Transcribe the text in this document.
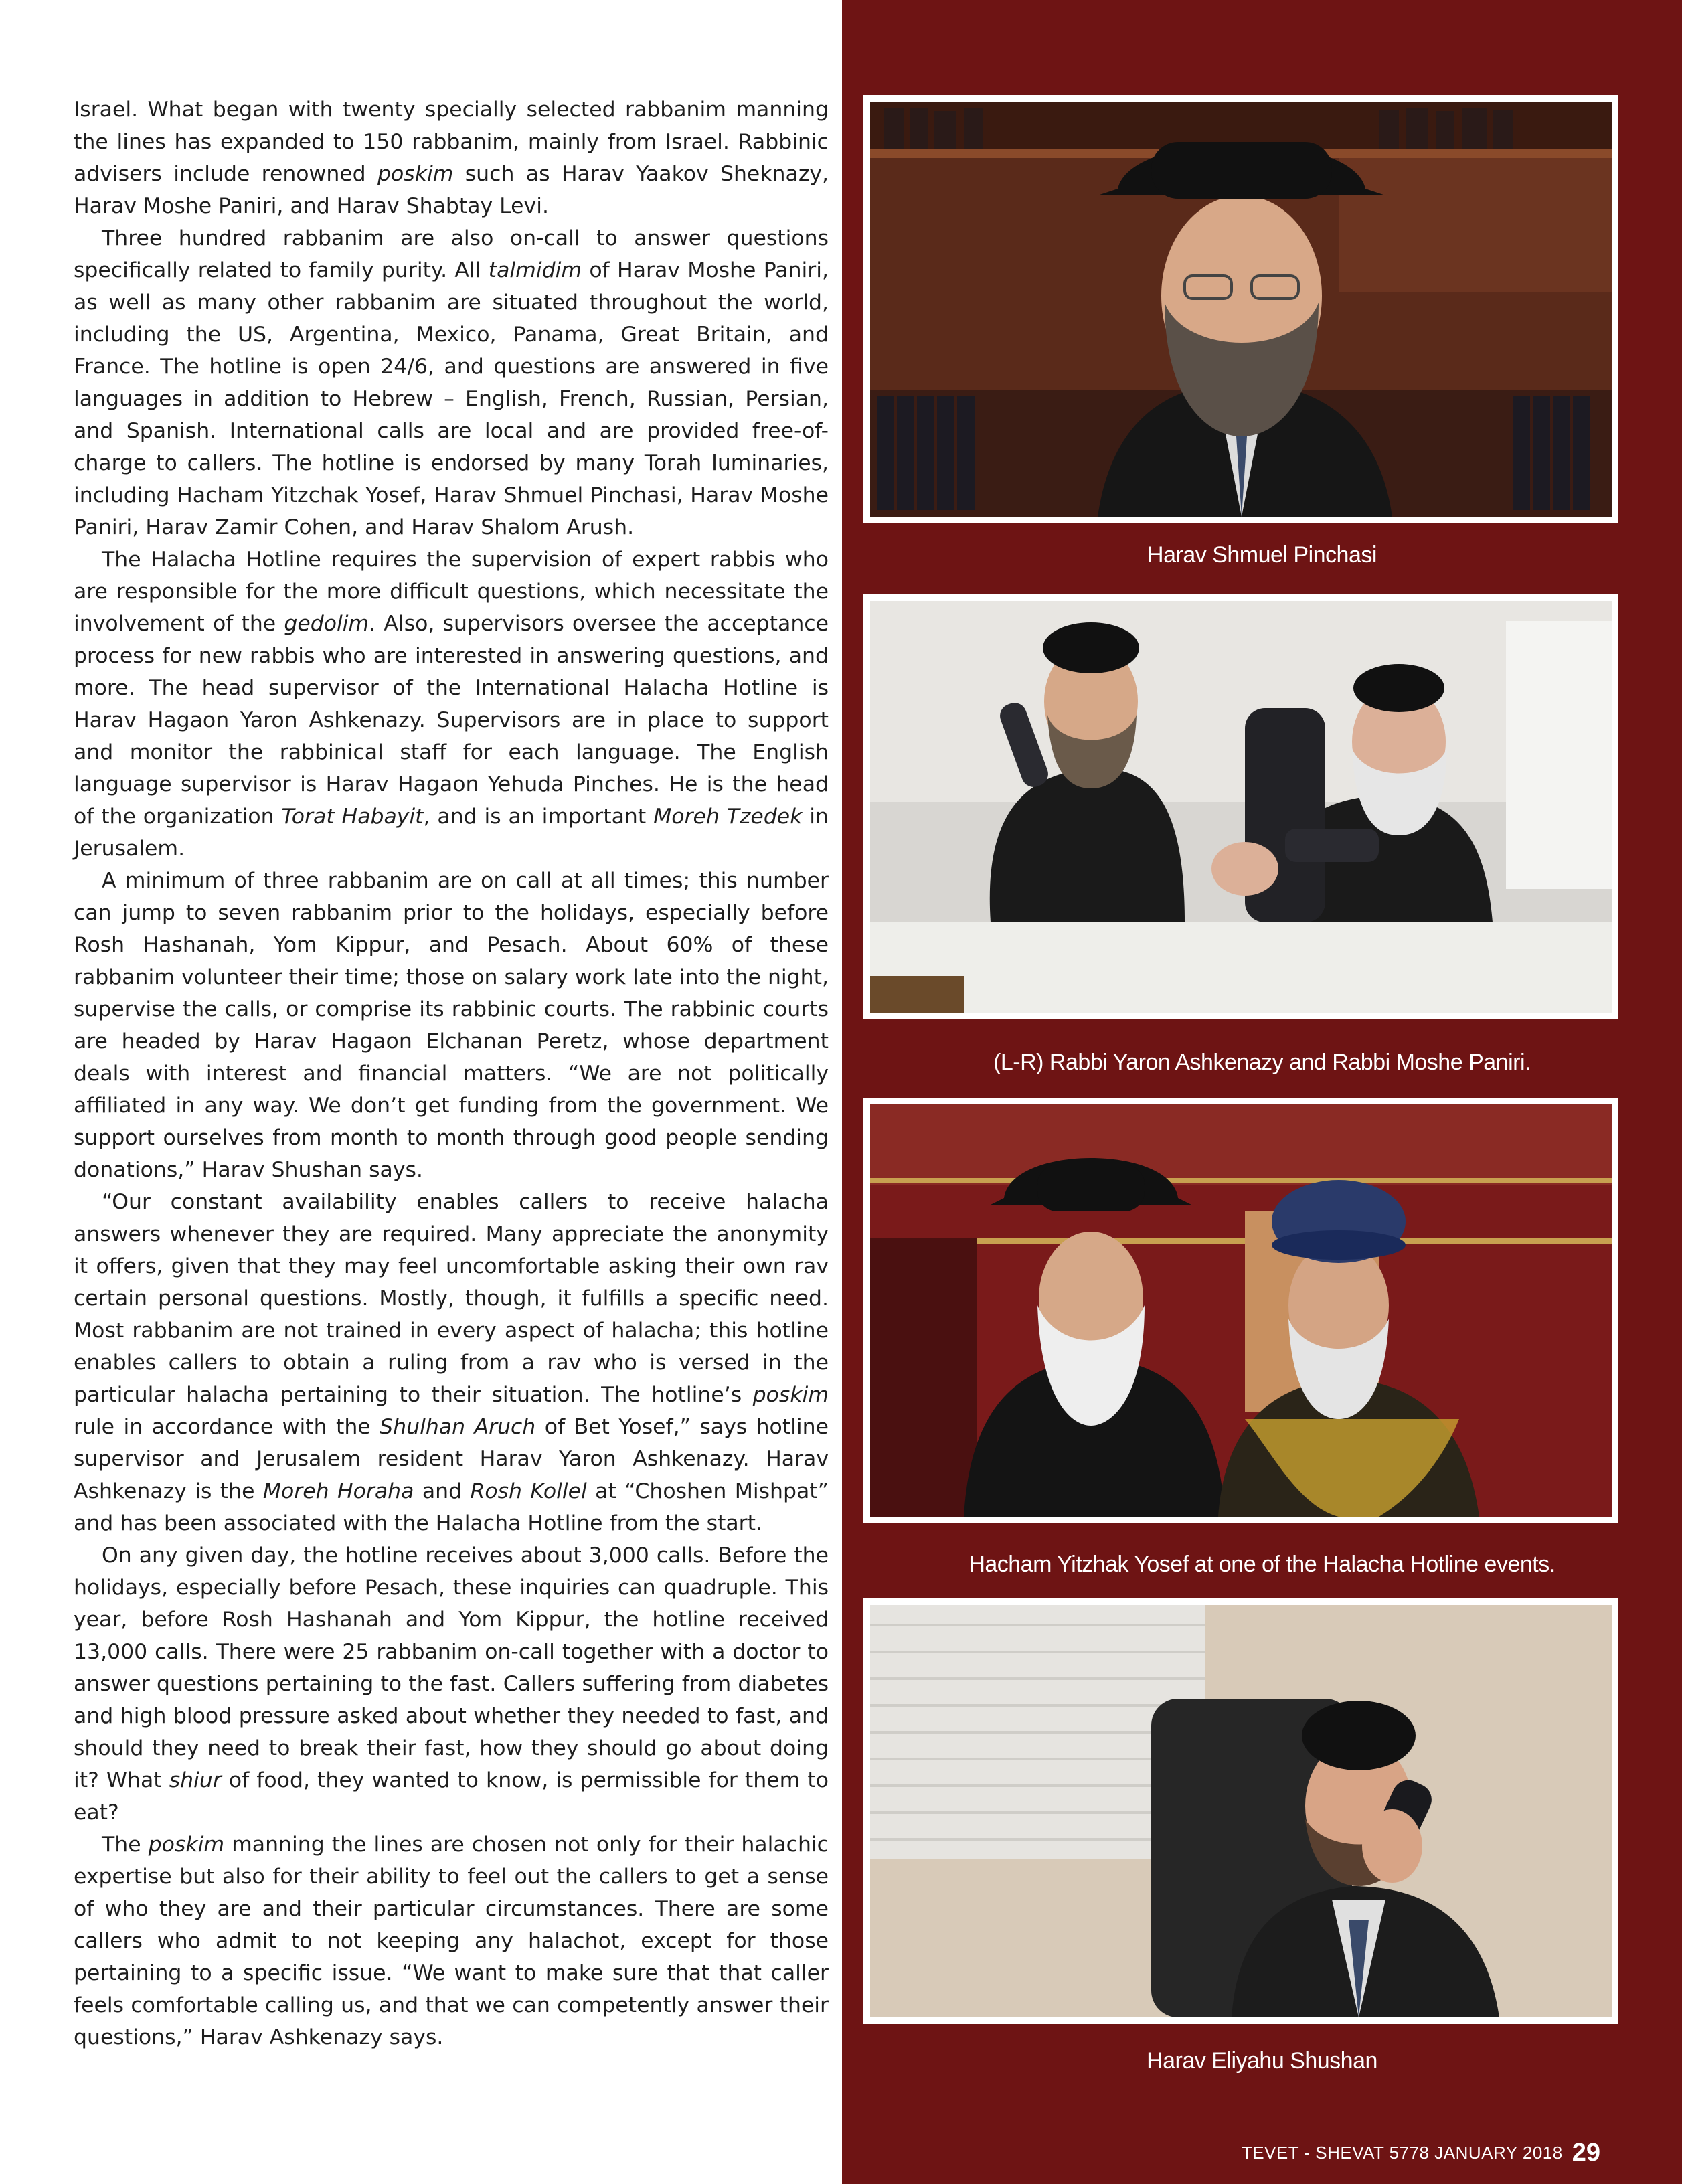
Israel. What began with twenty specially selected rabbanim manning the lines has expanded to 150 rabbanim, mainly from Israel. Rabbinic advisers include renowned poskim such as Harav Yaakov Sheknazy, Harav Moshe Paniri, and Harav Shabtay Levi.

Three hundred rabbanim are also on-call to answer questions specifically related to family purity. All talmidim of Harav Moshe Paniri, as well as many other rabbanim are situated throughout the world, including the US, Argentina, Mexico, Panama, Great Britain, and France. The hotline is open 24/6, and questions are answered in five languages in addition to Hebrew – English, French, Russian, Persian, and Spanish. International calls are local and are provided free-of-charge to callers. The hotline is endorsed by many Torah luminaries, including Hacham Yitzchak Yosef, Harav Shmuel Pinchasi, Harav Moshe Paniri, Harav Zamir Cohen, and Harav Shalom Arush.

The Halacha Hotline requires the supervision of expert rabbis who are responsible for the more difficult questions, which necessitate the involvement of the gedolim. Also, supervisors oversee the acceptance process for new rabbis who are interested in answering questions, and more. The head supervisor of the International Halacha Hotline is Harav Hagaon Yaron Ashkenazy. Supervisors are in place to support and monitor the rabbinical staff for each language. The English language supervisor is Harav Hagaon Yehuda Pinches. He is the head of the organization Torat Habayit, and is an important Moreh Tzedek in Jerusalem.

A minimum of three rabbanim are on call at all times; this number can jump to seven rabbanim prior to the holidays, especially before Rosh Hashanah, Yom Kippur, and Pesach. About 60% of these rabbanim volunteer their time; those on salary work late into the night, supervise the calls, or comprise its rabbinic courts. The rabbinic courts are headed by Harav Hagaon Elchanan Peretz, whose department deals with interest and financial matters. “We are not politically affiliated in any way. We don’t get funding from the government. We support ourselves from month to month through good people sending donations,” Harav Shushan says.

“Our constant availability enables callers to receive halacha answers whenever they are required. Many appreciate the anonymity it offers, given that they may feel uncomfortable asking their own rav certain personal questions. Mostly, though, it fulfills a specific need. Most rabbanim are not trained in every aspect of halacha; this hotline enables callers to obtain a ruling from a rav who is versed in the particular halacha pertaining to their situation. The hotline’s poskim rule in accordance with the Shulhan Aruch of Bet Yosef,” says hotline supervisor and Jerusalem resident Harav Yaron Ashkenazy. Harav Ashkenazy is the Moreh Horaha and Rosh Kollel at “Choshen Mishpat” and has been associated with the Halacha Hotline from the start.

On any given day, the hotline receives about 3,000 calls. Before the holidays, especially before Pesach, these inquiries can quadruple. This year, before Rosh Hashanah and Yom Kippur, the hotline received 13,000 calls. There were 25 rabbanim on-call together with a doctor to answer questions pertaining to the fast. Callers suffering from diabetes and high blood pressure asked about whether they needed to fast, and should they need to break their fast, how they should go about doing it? What shiur of food, they wanted to know, is permissible for them to eat?

The poskim manning the lines are chosen not only for their halachic expertise but also for their ability to feel out the callers to get a sense of who they are and their particular circumstances. There are some callers who admit to not keeping any halachot, except for those pertaining to a specific issue. “We want to make sure that that caller feels comfortable calling us, and that we can competently answer their questions,” Harav Ashkenazy says.

Harav Shmuel Pinchasi
(L-R) Rabbi Yaron Ashkenazy and Rabbi Moshe Paniri.
Hacham Yitzhak Yosef at one of the Halacha Hotline events.
Harav Eliyahu Shushan
TEVET - SHEVAT 5778 JANUARY 2018 29
